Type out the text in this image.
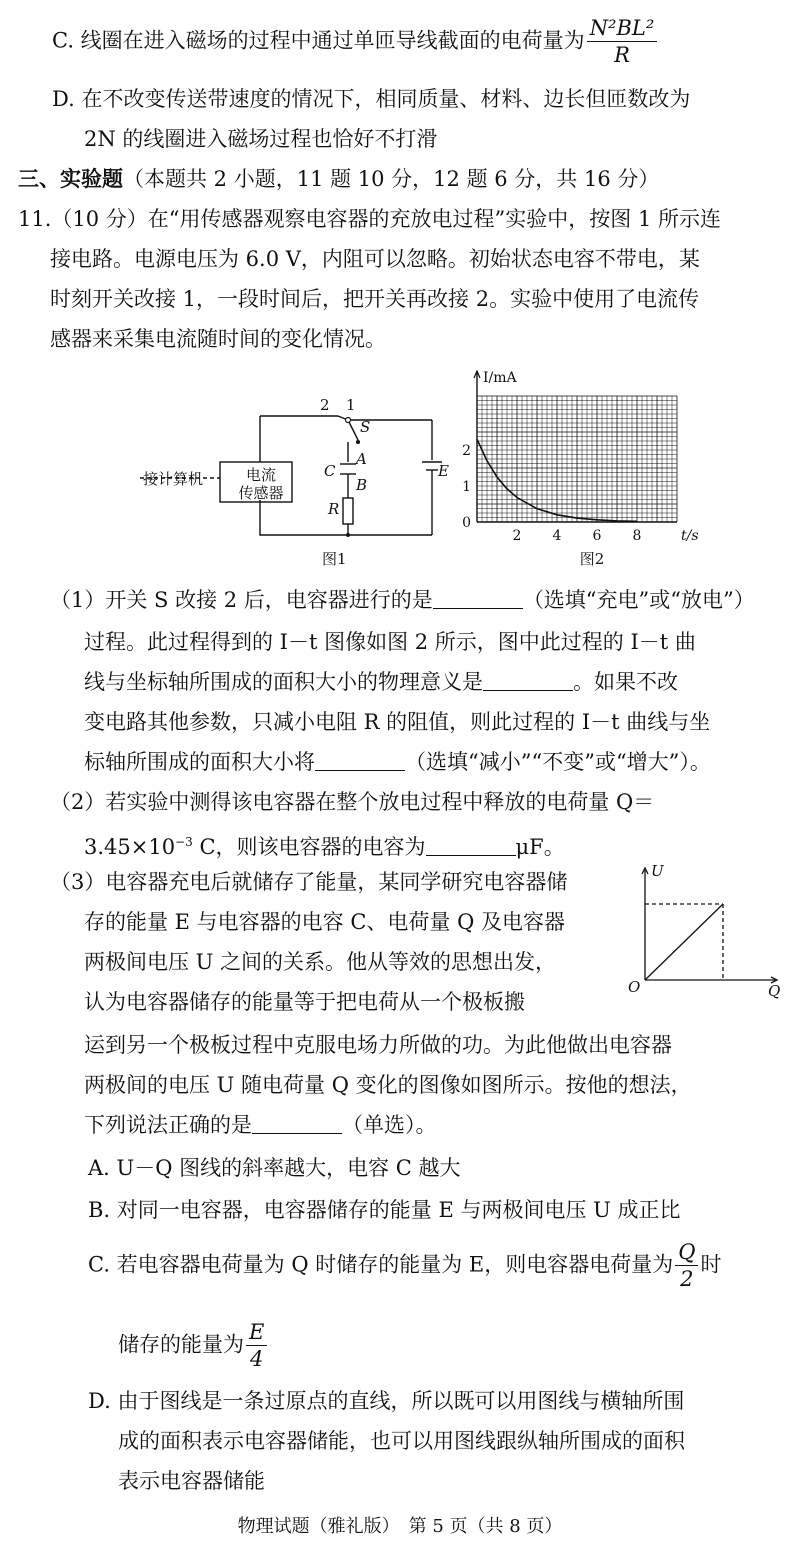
C. 线圈在进入磁场的过程中通过单匝导线截面的电荷量为 $\frac{\text{N²BL²}}{R}$
D. 在不改变传送带速度的情况下，相同质量、材料、边长但匝数改为
2N 的线圈进入磁场过程也恰好不打滑
三、实验题（本题共 2 小题，11 题 10 分，12 题 6 分，共 16 分）
11.（10 分）在“用传感器观察电容器的充放电过程”实验中，按图 1 所示连
接电路。电源电压为 6.0 V，内阻可以忽略。初始状态电容不带电，某
时刻开关改接 1，一段时间后，把开关再改接 2。实验中使用了电流传
感器来采集电流随时间的变化情况。
接计算机	电流
传感器
2 1
S
A
C
B
R
E
图1
2 4 6 8
0
1
2
t/s
I/mA
图2
（1）开关 S 改接 2 后，电容器进行的是	（选填“充电”或“放电”）
过程。此过程得到的 I－t 图像如图 2 所示，图中此过程的 I－t 曲
线与坐标轴所围成的面积大小的物理意义是	。如果不改
变电路其他参数，只减小电阻 R 的阻值，则此过程的 I－t 曲线与坐
标轴所围成的面积大小将	（选填“减小”“不变”或“增大”）。
（2）若实验中测得该电容器在整个放电过程中释放的电荷量 Q＝
$3.45\times 10^{-3}$ C，则该电容器的电容为	μF。
（3）电容器充电后就储存了能量，某同学研究电容器储
存的能量 E 与电容器的电容 C、电荷量 Q 及电容器
两极间电压 U 之间的关系。他从等效的思想出发，
认为电容器储存的能量等于把电荷从一个极板搬
运到另一个极板过程中克服电场力所做的功。为此他做出电容器
两极间的电压 U 随电荷量 Q 变化的图像如图所示。按他的想法，
下列说法正确的是	（单选）。
U
O	Q
A. U－Q 图线的斜率越大，电容 C 越大
B. 对同一电容器，电容器储存的能量 E 与两极间电压 U 成正比
C. 若电容器电荷量为 Q 时储存的能量为 E，则电容器电荷量为 $\frac{Q}{2}$ 时
储存的能量为 $\frac{E}{4}$
D. 由于图线是一条过原点的直线，所以既可以用图线与横轴所围
成的面积表示电容器储能，也可以用图线跟纵轴所围成的面积
表示电容器储能
物理试题（雅礼版）　第 5 页（共 8 页）
